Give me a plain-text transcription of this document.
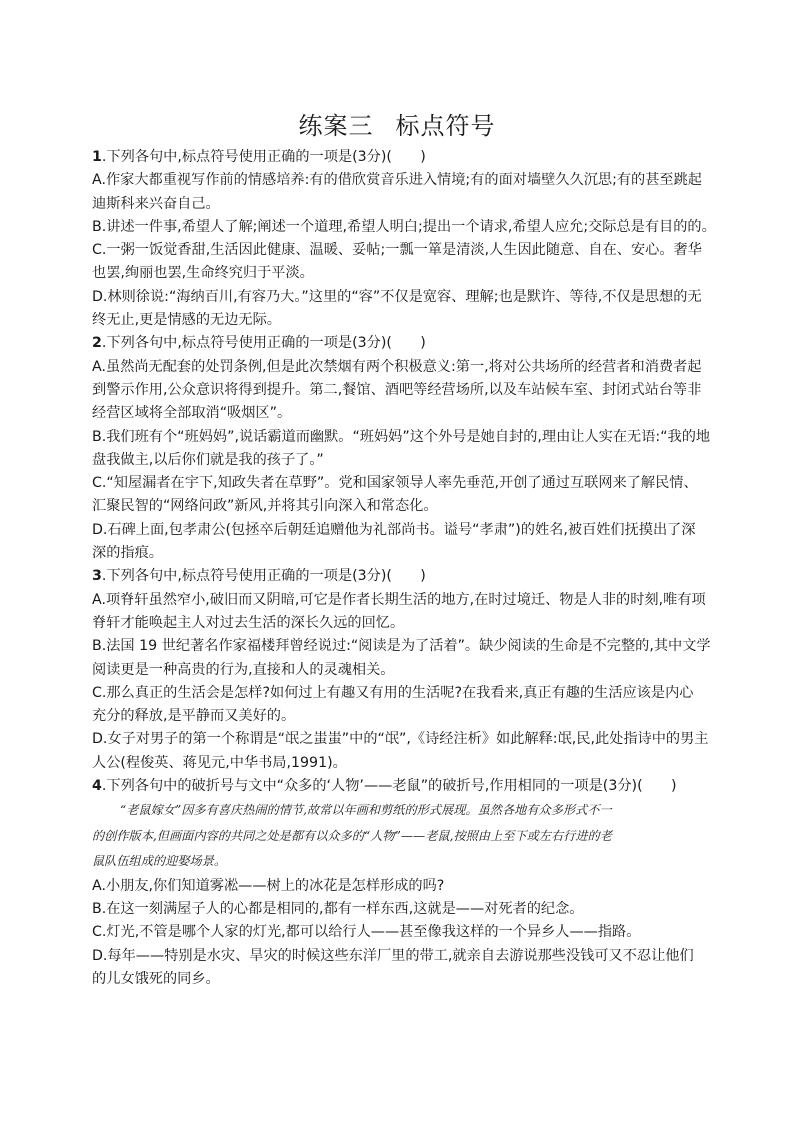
练案三 标点符号
1.下列各句中,标点符号使用正确的一项是(3分)(　　)
A.作家大都重视写作前的情感培养:有的借欣赏音乐进入情境;有的面对墙壁久久沉思;有的甚至跳起
迪斯科来兴奋自己。
B.讲述一件事,希望人了解;阐述一个道理,希望人明白;提出一个请求,希望人应允;交际总是有目的的。
C.一粥一饭觉香甜,生活因此健康、温暖、妥帖;一瓢一箪是清淡,人生因此随意、自在、安心。奢华
也罢,绚丽也罢,生命终究归于平淡。
D.林则徐说:“海纳百川,有容乃大。”这里的“容”不仅是宽容、理解;也是默许、等待,不仅是思想的无
终无止,更是情感的无边无际。
2.下列各句中,标点符号使用正确的一项是(3分)(　　)
A.虽然尚无配套的处罚条例,但是此次禁烟有两个积极意义:第一,将对公共场所的经营者和消费者起
到警示作用,公众意识将得到提升。第二,餐馆、酒吧等经营场所,以及车站候车室、封闭式站台等非
经营区域将全部取消“吸烟区”。
B.我们班有个“班妈妈”,说话霸道而幽默。“班妈妈”这个外号是她自封的,理由让人实在无语:“我的地
盘我做主,以后你们就是我的孩子了。”
C.“知屋漏者在宇下,知政失者在草野”。党和国家领导人率先垂范,开创了通过互联网来了解民情、
汇聚民智的“网络问政”新风,并将其引向深入和常态化。
D.石碑上面,包孝肃公(包拯卒后朝廷追赠他为礼部尚书。谥号“孝肃”)的姓名,被百姓们抚摸出了深
深的指痕。
3.下列各句中,标点符号使用正确的一项是(3分)(　　)
A.项脊轩虽然窄小,破旧而又阴暗,可它是作者长期生活的地方,在时过境迁、物是人非的时刻,唯有项
脊轩才能唤起主人对过去生活的深长久远的回忆。
B.法国 19 世纪著名作家福楼拜曾经说过:“阅读是为了活着”。缺少阅读的生命是不完整的,其中文学
阅读更是一种高贵的行为,直接和人的灵魂相关。
C.那么真正的生活会是怎样?如何过上有趣又有用的生活呢?在我看来,真正有趣的生活应该是内心
充分的释放,是平静而又美好的。
D.女子对男子的第一个称谓是“氓之蚩蚩”中的“氓”,《诗经注析》如此解释:氓,民,此处指诗中的男主
人公(程俊英、蒋见元,中华书局,1991)。
4.下列各句中的破折号与文中“众多的‘人物’——老鼠”的破折号,作用相同的一项是(3分)(　　)
“老鼠嫁女”因多有喜庆热闹的情节,故常以年画和剪纸的形式展现。虽然各地有众多形式不一
的创作版本,但画面内容的共同之处是都有以众多的“人物”——老鼠,按照由上至下或左右行进的老
鼠队伍组成的迎娶场景。
A.小朋友,你们知道雾凇——树上的冰花是怎样形成的吗?
B.在这一刻满屋子人的心都是相同的,都有一样东西,这就是——对死者的纪念。
C.灯光,不管是哪个人家的灯光,都可以给行人——甚至像我这样的一个异乡人——指路。
D.每年——特别是水灾、旱灾的时候这些东洋厂里的带工,就亲自去游说那些没钱可又不忍让他们
的儿女饿死的同乡。
